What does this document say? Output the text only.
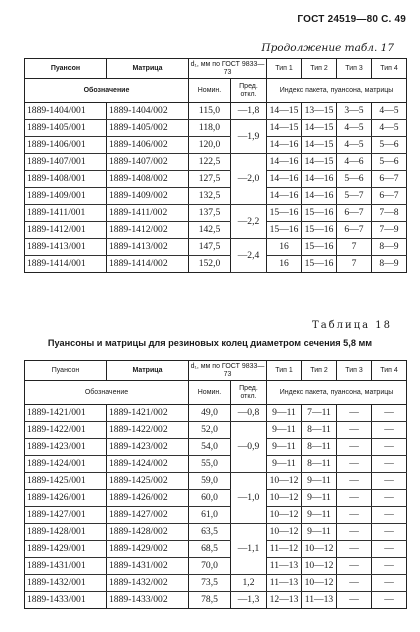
ГОСТ 24519—80 С. 49
Продолжение табл. 17
Пуансон	Матрица	d₁, мм по ГОСТ 9833—73		Тип 1	Тип 2	Тип 3	Тип 4
Обозначение		Номин.	Пред. откл.	Индекс пакета, пуансона, матрицы			
1889-1404/001	1889-1404/002	115,0	—1,8	14—15	13—15	3—5	4—5
1889-1405/001	1889-1405/002	118,0	—1,9	14—15	14—15	4—5	4—5
1889-1406/001	1889-1406/002	120,0		14—16	14—15	4—5	5—6
1889-1407/001	1889-1407/002	122,5	—2,0	14—16	14—15	4—6	5—6
1889-1408/001	1889-1408/002	127,5		14—16	14—16	5—6	6—7
1889-1409/001	1889-1409/002	132,5		14—16	14—16	5—7	6—7
1889-1411/001	1889-1411/002	137,5	—2,2	15—16	15—16	6—7	7—8
1889-1412/001	1889-1412/002	142,5		15—16	15—16	6—7	7—9
1889-1413/001	1889-1413/002	147,5	—2,4	16	15—16	7	8—9
1889-1414/001	1889-1414/002	152,0		16	15—16	7	8—9
Таблица 18
Пуансоны и матрицы для резиновых колец диаметром сечения 5,8 мм
Пуансон	Матрица	d₁, мм по ГОСТ 9833—73		Тип 1	Тип 2	Тип 3	Тип 4
Обозначение		Номин.	Пред. откл.	Индекс пакета, пуансона, матрицы			
1889-1421/001	1889-1421/002	49,0	—0,8	9—11	7—11	—	—
1889-1422/001	1889-1422/002	52,0	—0,9	9—11	8—11	—	—
1889-1423/001	1889-1423/002	54,0		9—11	8—11	—	—
1889-1424/001	1889-1424/002	55,0		9—11	8—11	—	—
1889-1425/001	1889-1425/002	59,0	—1,0	10—12	9—11	—	—
1889-1426/001	1889-1426/002	60,0		10—12	9—11	—	—
1889-1427/001	1889-1427/002	61,0		10—12	9—11	—	—
1889-1428/001	1889-1428/002	63,5	—1,1	10—12	9—11	—	—
1889-1429/001	1889-1429/002	68,5		11—12	10—12	—	—
1889-1431/001	1889-1431/002	70,0		11—13	10—12	—	—
1889-1432/001	1889-1432/002	73,5	1,2	11—13	10—12	—	—
1889-1433/001	1889-1433/002	78,5	—1,3	12—13	11—13	—	—
